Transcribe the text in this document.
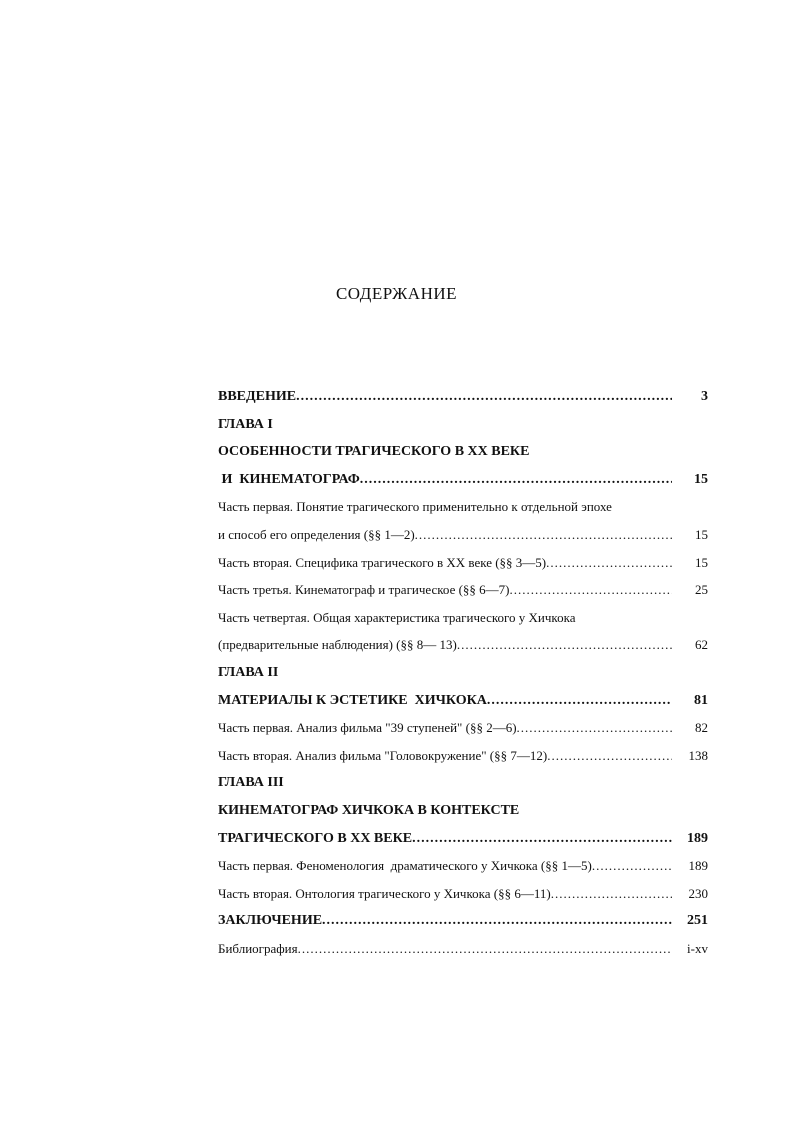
СОДЕРЖАНИЕ
ВВЕДЕНИЕ .....	3
ГЛАВА I
ОСОБЕННОСТИ ТРАГИЧЕСКОГО В XX ВЕКЕ
И  КИНЕМАТОГРАФ .....	15
Часть первая. Понятие трагического применительно к отдельной эпохе
и способ его определения (§§ 1—2) .....	15
Часть вторая. Специфика трагического в XX веке (§§ 3—5) .....	15
Часть третья. Кинематограф и трагическое (§§ 6—7) .....	25
Часть четвертая. Общая характеристика трагического у Хичкока
(предварительные наблюдения) (§§ 8— 13) .....	62
ГЛАВА II
МАТЕРИАЛЫ К ЭСТЕТИКЕ  ХИЧКОКА .....	81
Часть первая. Анализ фильма "39 ступеней" (§§ 2—6) .....	82
Часть вторая. Анализ фильма "Головокружение" (§§ 7—12) .....	138
ГЛАВА III
КИНЕМАТОГРАФ ХИЧКОКА В КОНТЕКСТЕ
ТРАГИЧЕСКОГО В XX ВЕКЕ .....	189
Часть первая. Феноменология  драматического у Хичкока (§§ 1—5) .....	189
Часть вторая. Онтология трагического у Хичкока (§§ 6—11) .....	230
ЗАКЛЮЧЕНИЕ .....	251
Библиография .....	i-xv
